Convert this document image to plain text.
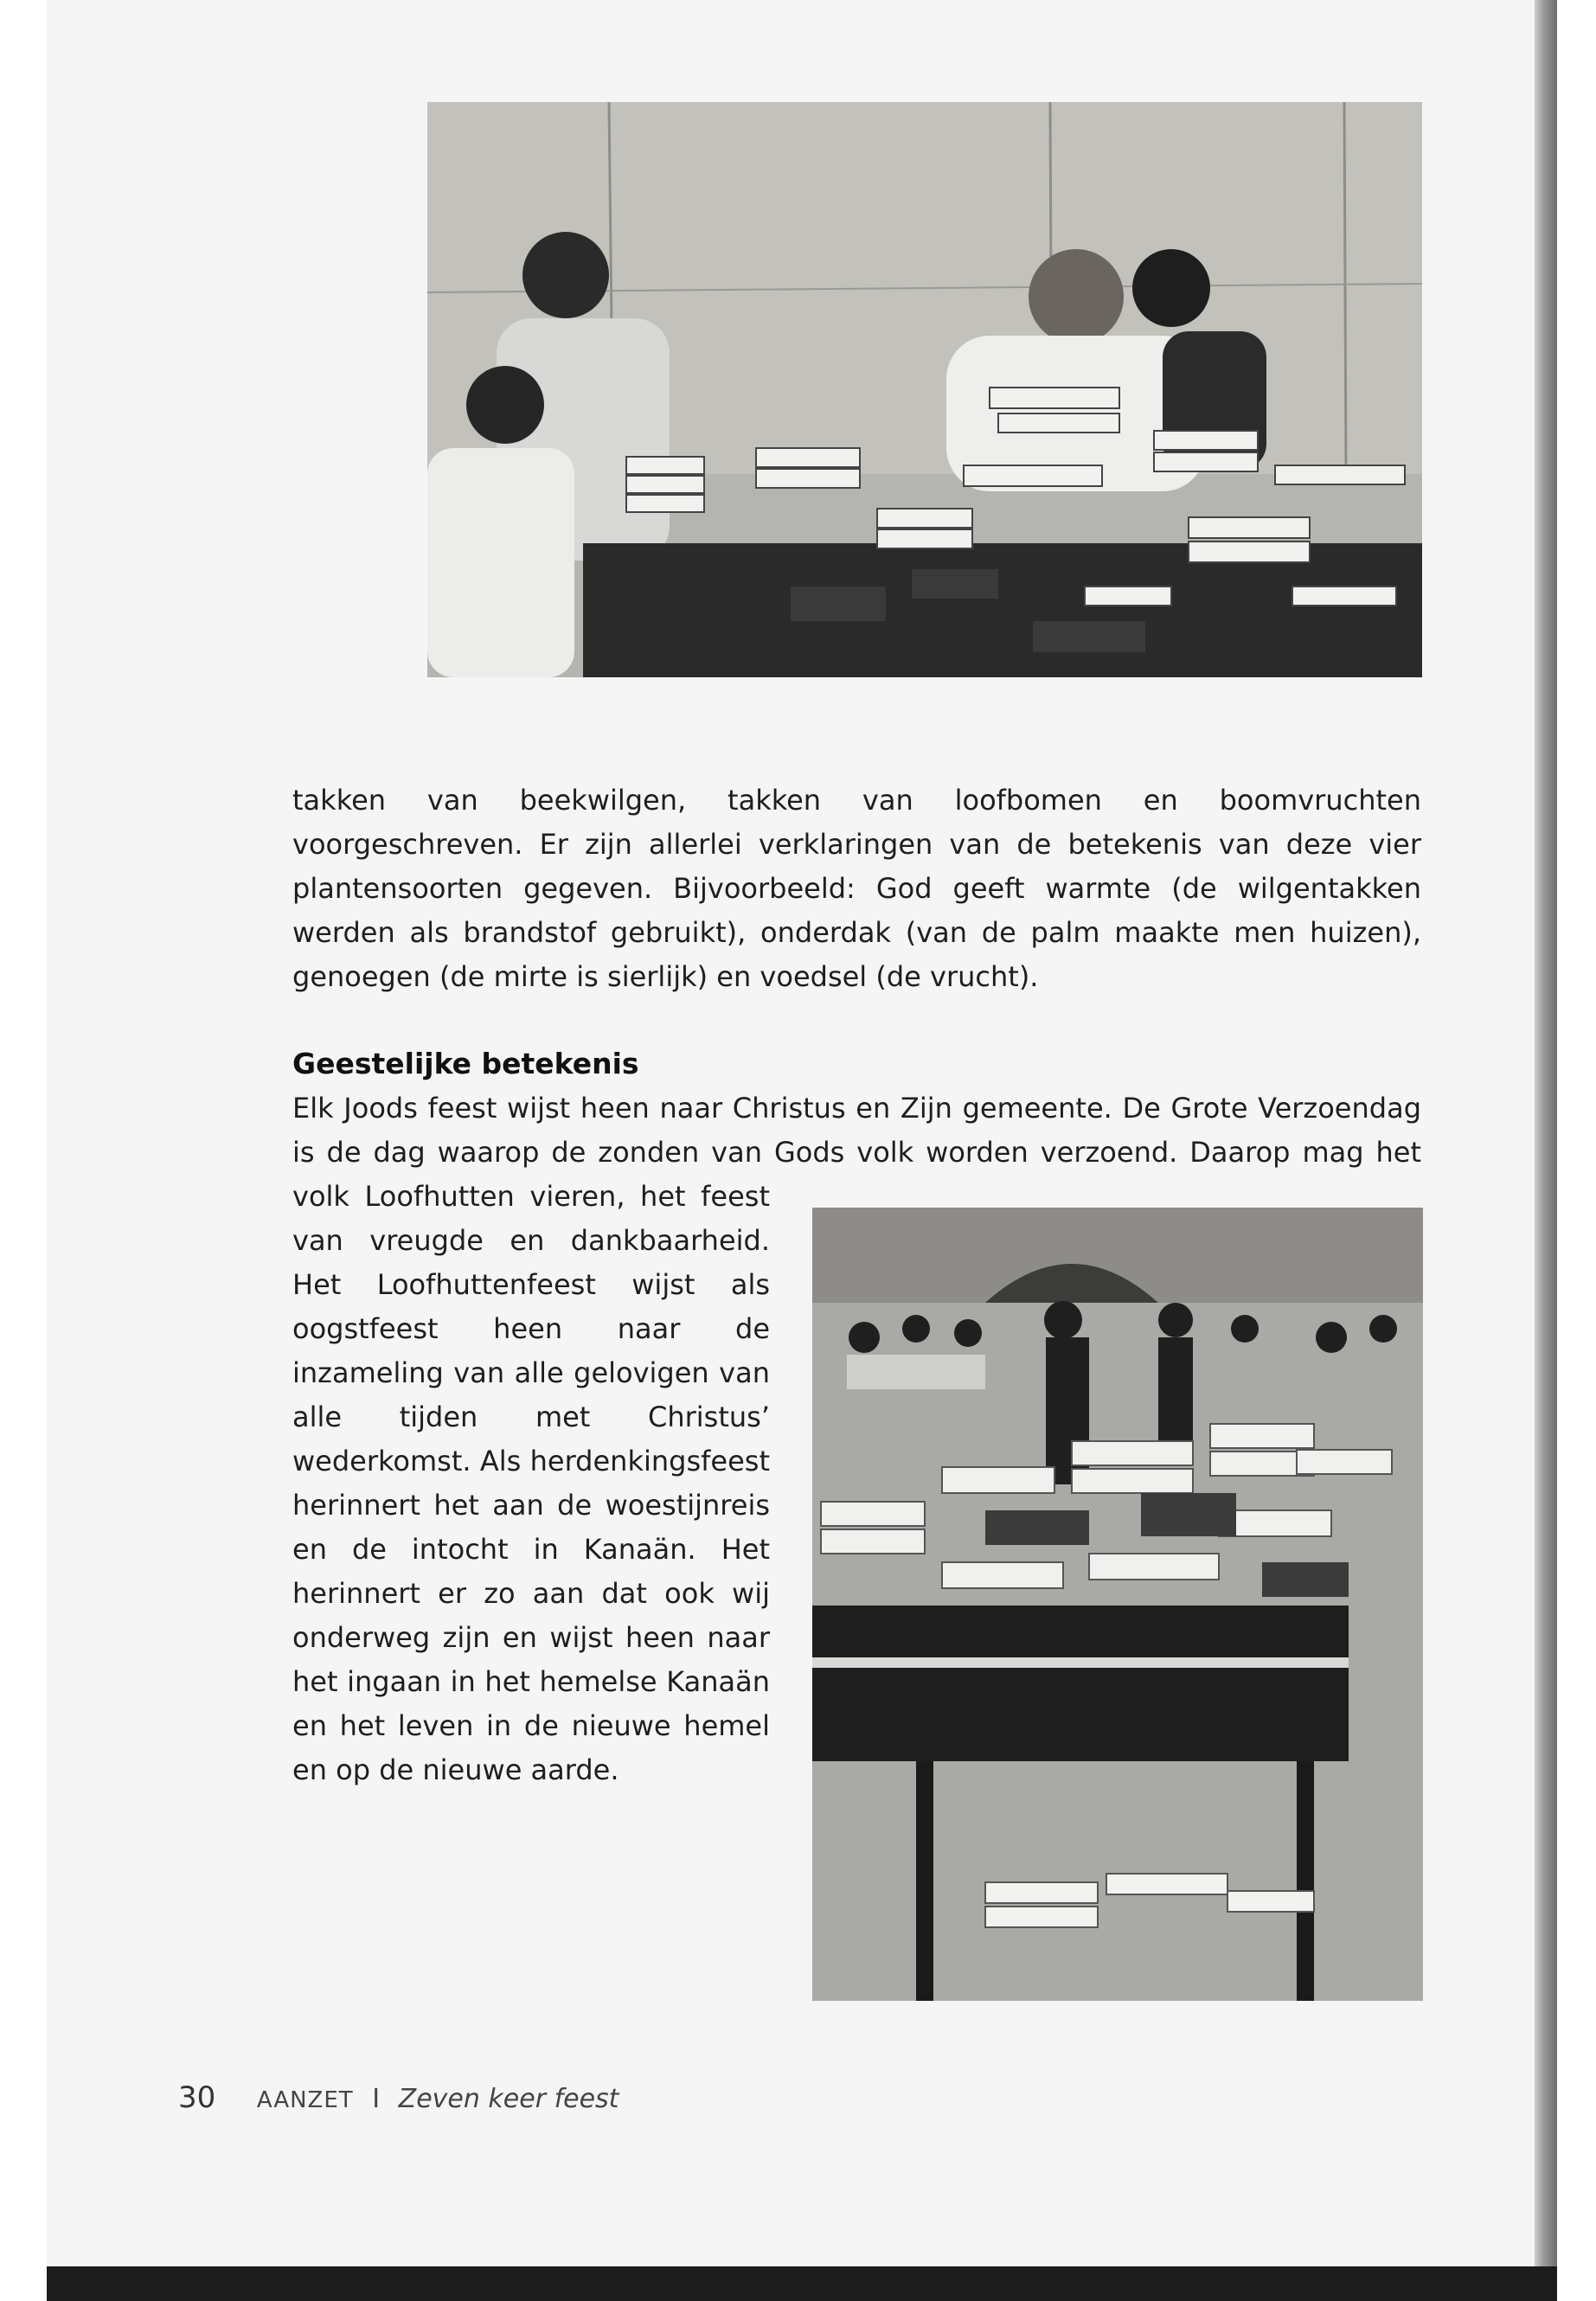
takken van beekwilgen, takken van loofbomen en boomvruchten voorgeschreven. Er zijn allerlei verklaringen van de betekenis van deze vier plantensoorten gegeven. Bijvoorbeeld: God geeft warmte (de wilgentakken werden als brandstof gebruikt), onderdak (van de palm maakte men huizen), genoegen (de mirte is sierlijk) en voedsel (de vrucht).

Geestelijke betekenis

Elk Joods feest wijst heen naar Christus en Zijn gemeente. De Grote Verzoendag is de dag waarop de zonden van Gods volk worden verzoend. Daarop mag het

volk Loofhutten vieren, het feest van vreugde en dankbaarheid. Het Loofhuttenfeest wijst als oogstfeest heen naar de inzameling van alle gelovigen van alle tijden met Christus’ wederkomst. Als herdenkingsfeest herinnert het aan de woestijnreis en de intocht in Kanaän. Het herinnert er zo aan dat ook wij onderweg zijn en wijst heen naar het ingaan in het hemelse Kanaän en het leven in de nieuwe hemel en op de nieuwe aarde.

30 AANZET I Zeven keer feest
